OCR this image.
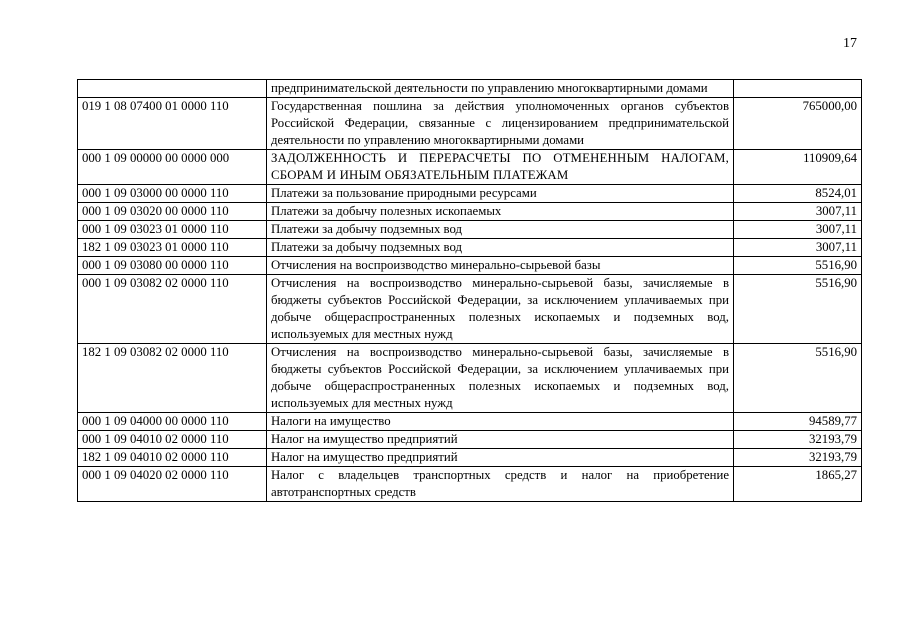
17
	предпринимательской деятельности по управлению многоквартирными домами	
019 1 08 07400 01 0000 110	Государственная пошлина за действия уполномоченных органов субъектов Российской Федерации, связанные с лицензированием предпринимательской деятельности по управлению многоквартирными домами	765000,00
000 1 09 00000 00 0000 000	ЗАДОЛЖЕННОСТЬ И ПЕРЕРАСЧЕТЫ ПО ОТМЕНЕННЫМ НАЛОГАМ, СБОРАМ И ИНЫМ ОБЯЗАТЕЛЬНЫМ ПЛАТЕЖАМ	110909,64
000 1 09 03000 00 0000 110	Платежи за пользование природными ресурсами	8524,01
000 1 09 03020 00 0000 110	Платежи за добычу полезных ископаемых	3007,11
000 1 09 03023 01 0000 110	Платежи за добычу подземных вод	3007,11
182 1 09 03023 01 0000 110	Платежи за добычу подземных вод	3007,11
000 1 09 03080 00 0000 110	Отчисления на воспроизводство минерально-сырьевой базы	5516,90
000 1 09 03082 02 0000 110	Отчисления на воспроизводство минерально-сырьевой базы, зачисляемые в бюджеты субъектов Российской Федерации, за исключением уплачиваемых при добыче общераспространенных полезных ископаемых и подземных вод, используемых для местных нужд	5516,90
182 1 09 03082 02 0000 110	Отчисления на воспроизводство минерально-сырьевой базы, зачисляемые в бюджеты субъектов Российской Федерации, за исключением уплачиваемых при добыче общераспространенных полезных ископаемых и подземных вод, используемых для местных нужд	5516,90
000 1 09 04000 00 0000 110	Налоги на имущество	94589,77
000 1 09 04010 02 0000 110	Налог на имущество предприятий	32193,79
182 1 09 04010 02 0000 110	Налог на имущество предприятий	32193,79
000 1 09 04020 02 0000 110	Налог с владельцев транспортных средств и налог на приобретение автотранспортных средств	1865,27
